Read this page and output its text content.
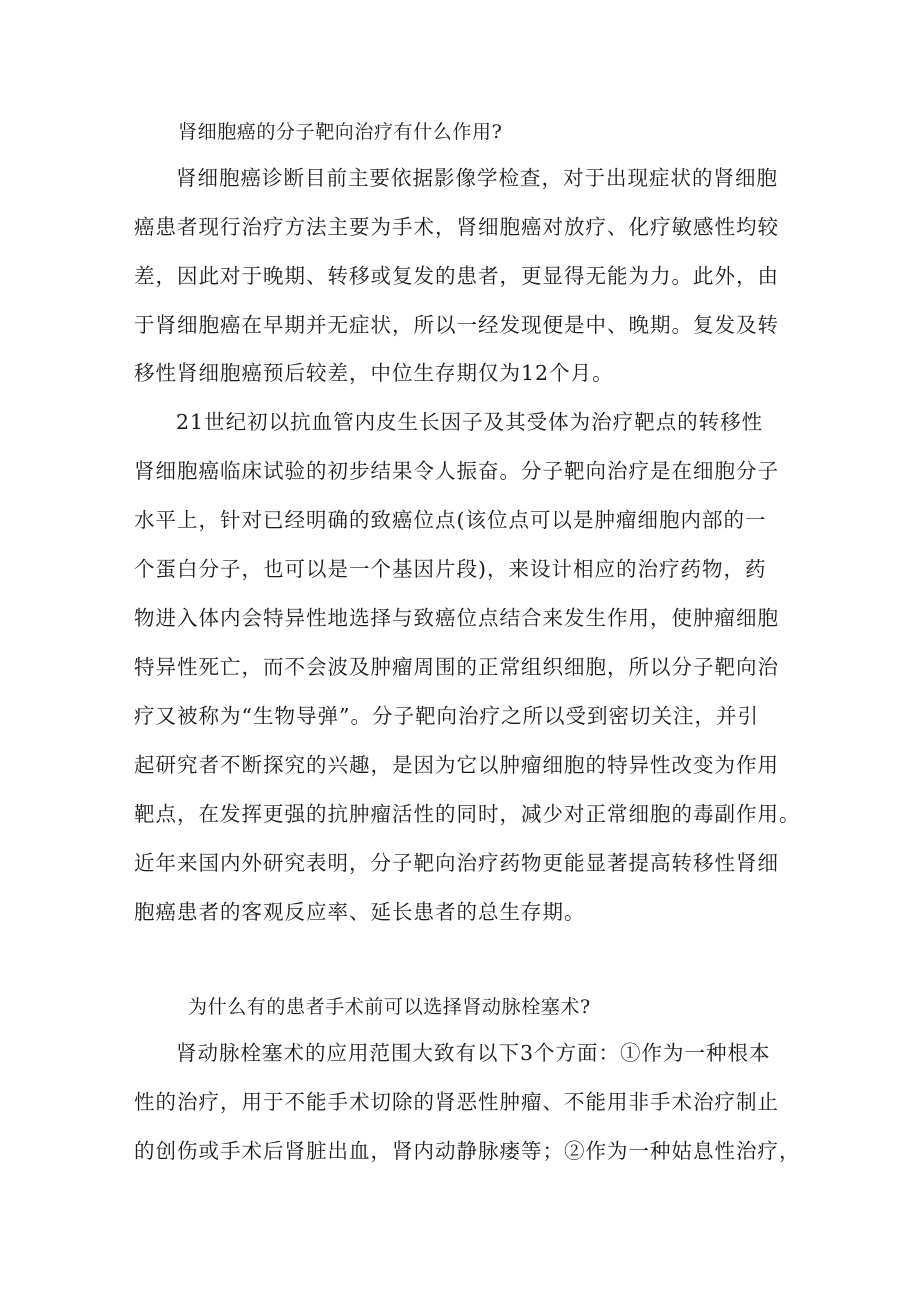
肾细胞癌的分子靶向治疗有什么作用?
肾细胞癌诊断目前主要依据影像学检查，对于出现症状的肾细胞
癌患者现行治疗方法主要为手术，肾细胞癌对放疗、化疗敏感性均较
差，因此对于晚期、转移或复发的患者，更显得无能为力。此外，由
于肾细胞癌在早期并无症状，所以一经发现便是中、晚期。复发及转
移性肾细胞癌预后较差，中位生存期仅为12个月。
21世纪初以抗血管内皮生长因子及其受体为治疗靶点的转移性
肾细胞癌临床试验的初步结果令人振奋。分子靶向治疗是在细胞分子
水平上，针对已经明确的致癌位点(该位点可以是肿瘤细胞内部的一
个蛋白分子，也可以是一个基因片段)，来设计相应的治疗药物，药
物进入体内会特异性地选择与致癌位点结合来发生作用，使肿瘤细胞
特异性死亡，而不会波及肿瘤周围的正常组织细胞，所以分子靶向治
疗又被称为“生物导弹”。分子靶向治疗之所以受到密切关注，并引
起研究者不断探究的兴趣，是因为它以肿瘤细胞的特异性改变为作用
靶点，在发挥更强的抗肿瘤活性的同时，减少对正常细胞的毒副作用。
近年来国内外研究表明，分子靶向治疗药物更能显著提高转移性肾细
胞癌患者的客观反应率、延长患者的总生存期。
为什么有的患者手术前可以选择肾动脉栓塞术?
肾动脉栓塞术的应用范围大致有以下3个方面：①作为一种根本
性的治疗，用于不能手术切除的肾恶性肿瘤、不能用非手术治疗制止
的创伤或手术后肾脏出血，肾内动静脉瘘等；②作为一种姑息性治疗，
